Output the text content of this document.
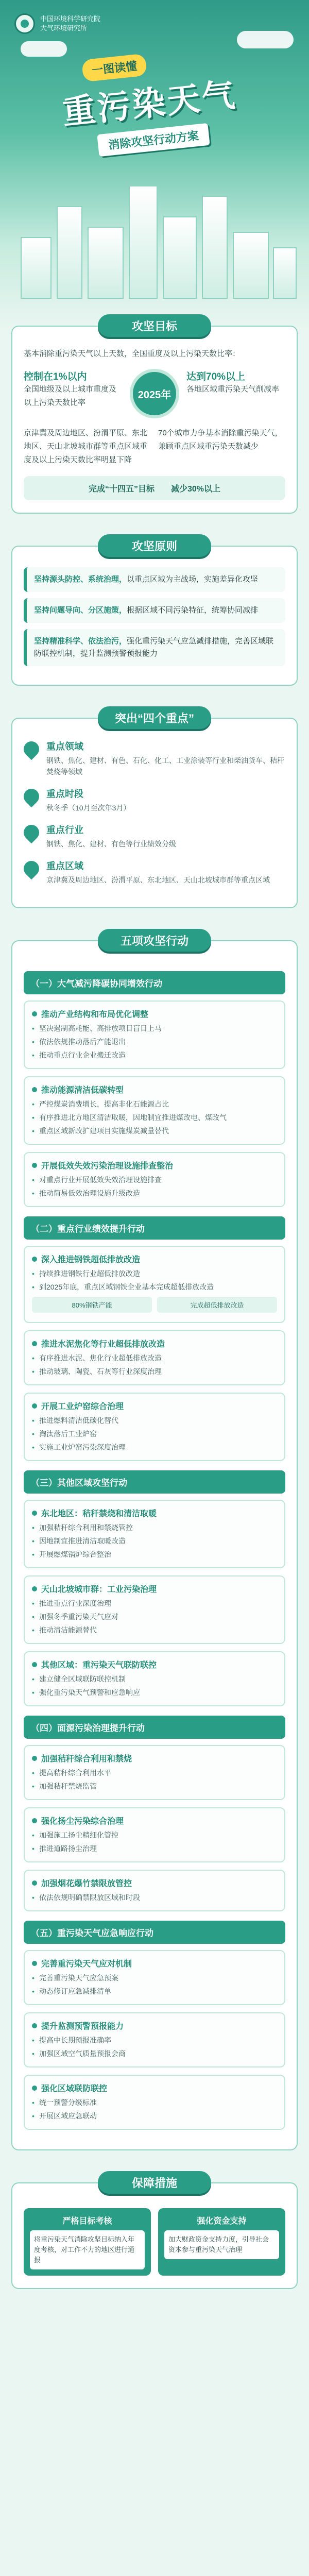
中国环境科学研究院
大气环境研究所
一图读懂
重污染天气
消除攻坚行动方案
攻坚目标
基本消除重污染天气以上天数，全国重度及以上污染天数比率：
控制在1%以内
全国地级及以上城市重度及以上污染天数比率
2025年
达到70%以上
各地区域重污染天气削减率
京津冀及周边地区、汾渭平原、东北地区、天山北坡城市群等重点区域重度及以上污染天数比率明显下降
70个城市力争基本消除重污染天气，兼顾重点区域重污染天数减少
完成“十四五”目标　　减少30%以上
攻坚原则
坚持源头防控、系统治理，以重点区域为主战场，实施差异化攻坚
坚持问题导向、分区施策，根据区域不同污染特征，统筹协同减排
坚持精准科学、依法治污，强化重污染天气应急减排措施，完善区域联防联控机制，提升监测预警预报能力
突出“四个重点”
重点领域
钢铁、焦化、建材、有色、石化、化工、工业涂装等行业和柴油货车、秸秆焚烧等领域
重点时段
秋冬季（10月至次年3月）
重点行业
钢铁、焦化、建材、有色等行业绩效分级
重点区域
京津冀及周边地区、汾渭平原、东北地区、天山北坡城市群等重点区域
五项攻坚行动
（一）大气减污降碳协同增效行动
推动产业结构和布局优化调整
• 坚决遏制高耗能、高排放项目盲目上马
• 依法依规推动落后产能退出
• 推动重点行业企业搬迁改造
推动能源清洁低碳转型
• 严控煤炭消费增长，提高非化石能源占比
• 有序推进北方地区清洁取暖，因地制宜推进煤改电、煤改气
• 重点区域新改扩建项目实施煤炭减量替代
开展低效失效污染治理设施排查整治
• 对重点行业开展低效失效治理设施排查
• 推动简易低效治理设施升级改造
（二）重点行业绩效提升行动
深入推进钢铁超低排放改造
• 持续推进钢铁行业超低排放改造
• 到2025年底，重点区域钢铁企业基本完成超低排放改造
80%钢铁产能	完成超低排放改造
推进水泥焦化等行业超低排放改造
• 有序推进水泥、焦化行业超低排放改造
• 推动玻璃、陶瓷、石灰等行业深度治理
开展工业炉窑综合治理
• 推进燃料清洁低碳化替代
• 淘汰落后工业炉窑
• 实施工业炉窑污染深度治理
（三）其他区域攻坚行动
东北地区：秸秆禁烧和清洁取暖
• 加强秸秆综合利用和禁烧管控
• 因地制宜推进清洁取暖改造
• 开展燃煤锅炉综合整治
天山北坡城市群：工业污染治理
• 推进重点行业深度治理
• 加强冬季重污染天气应对
• 推动清洁能源替代
其他区域：重污染天气联防联控
• 建立健全区域联防联控机制
• 强化重污染天气预警和应急响应
（四）面源污染治理提升行动
加强秸秆综合利用和禁烧
• 提高秸秆综合利用水平
• 加强秸秆禁烧监管
强化扬尘污染综合治理
• 加强施工扬尘精细化管控
• 推进道路扬尘治理
加强烟花爆竹禁限放管控
• 依法依规明确禁限放区域和时段
（五）重污染天气应急响应行动
完善重污染天气应对机制
• 完善重污染天气应急预案
• 动态修订应急减排清单
提升监测预警预报能力
• 提高中长期预报准确率
• 加强区域空气质量预报会商
强化区域联防联控
• 统一预警分级标准
• 开展区域应急联动
保障措施
严格目标考核
将重污染天气消除攻坚目标纳入年度考核，对工作不力的地区进行通报
强化资金支持
加大财政资金支持力度，引导社会资本参与重污染天气治理
